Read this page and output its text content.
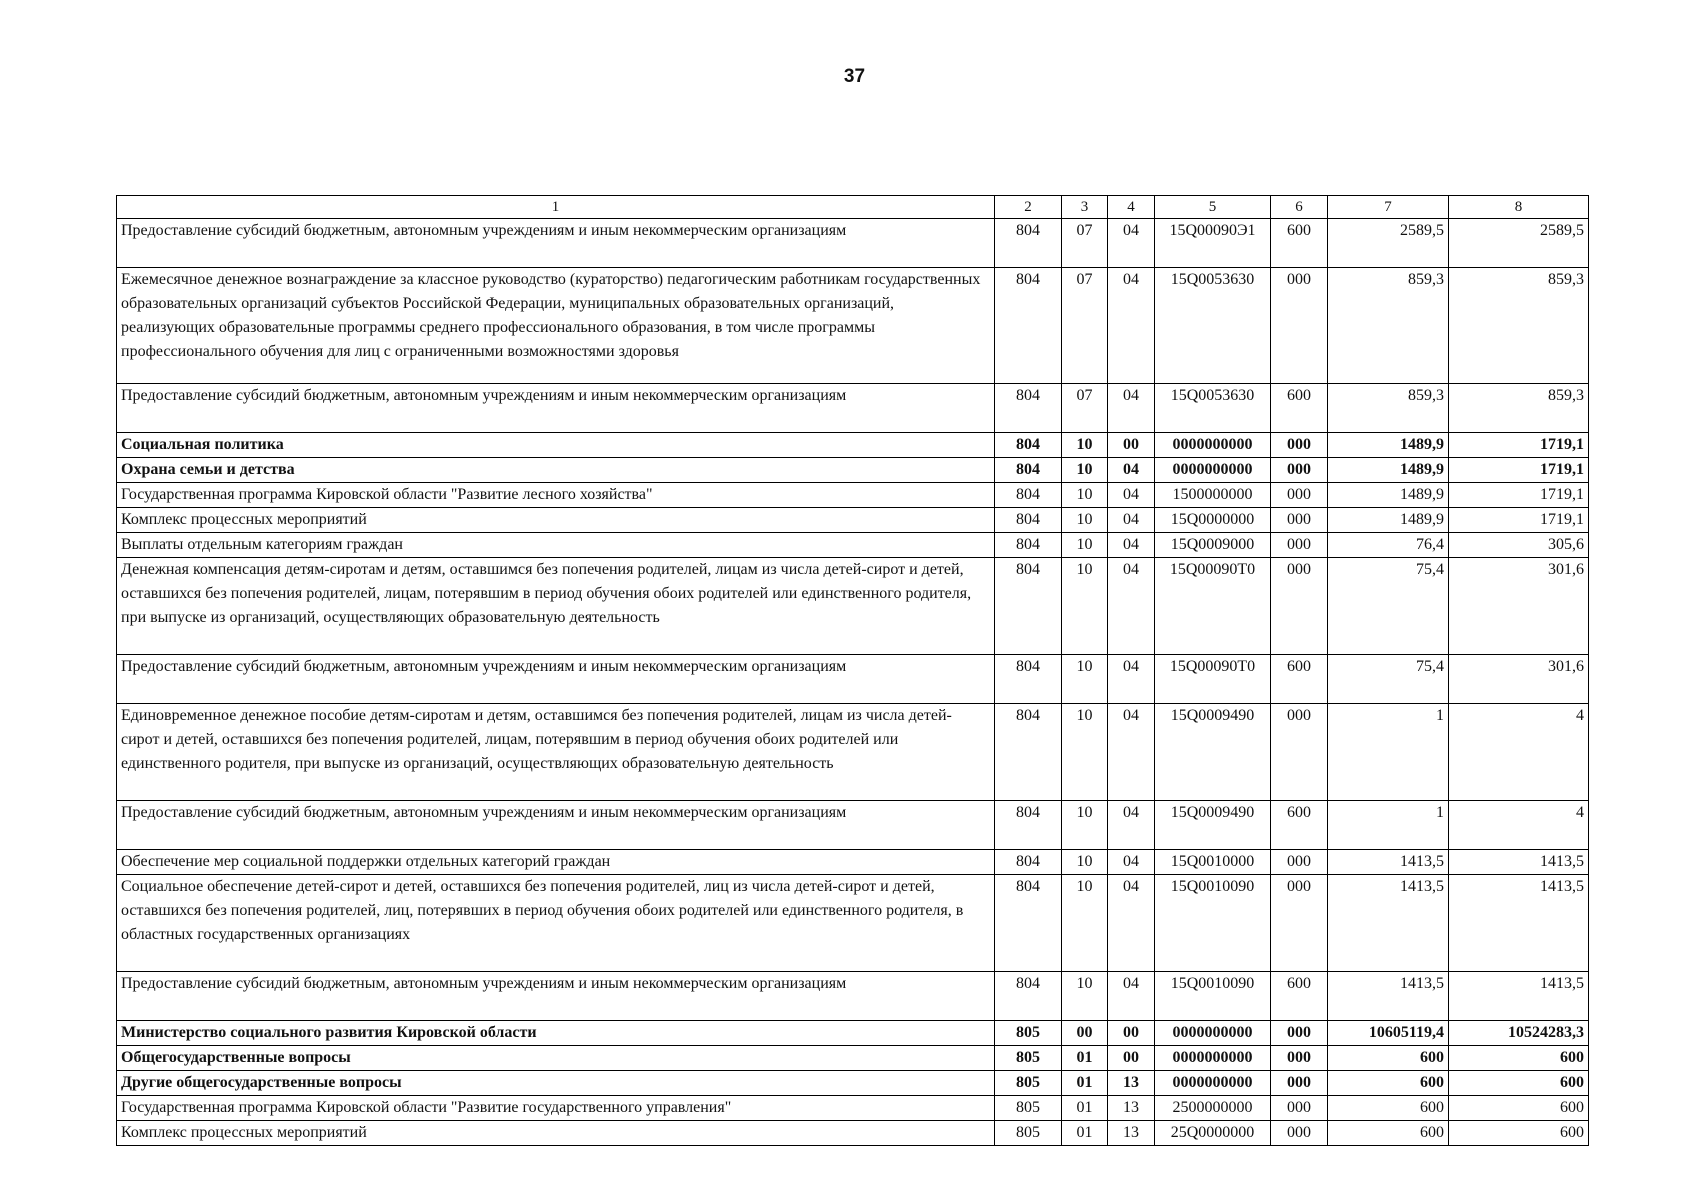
37
1	2	3	4	5	6	7	8
Предоставление субсидий бюджетным, автономным учреждениям и иным некоммерческим организациям	804	07	04	15Q00090Э1	600	2589,5	2589,5
Ежемесячное денежное вознаграждение за классное руководство (кураторство) педагогическим работникам государственных образовательных организаций субъектов Российской Федерации, муниципальных образовательных организаций, реализующих образовательные программы среднего профессионального образования, в том числе программы профессионального обучения для лиц с ограниченными возможностями здоровья	804	07	04	15Q0053630	000	859,3	859,3
Предоставление субсидий бюджетным, автономным учреждениям и иным некоммерческим организациям	804	07	04	15Q0053630	600	859,3	859,3
Социальная политика	804	10	00	0000000000	000	1489,9	1719,1
Охрана семьи и детства	804	10	04	0000000000	000	1489,9	1719,1
Государственная программа Кировской области "Развитие лесного хозяйства"	804	10	04	1500000000	000	1489,9	1719,1
Комплекс процессных мероприятий	804	10	04	15Q0000000	000	1489,9	1719,1
Выплаты отдельным категориям граждан	804	10	04	15Q0009000	000	76,4	305,6
Денежная компенсация детям-сиротам и детям, оставшимся без попечения родителей, лицам из числа детей-сирот и детей, оставшихся без попечения родителей, лицам, потерявшим в период обучения обоих родителей или единственного родителя, при выпуске из организаций, осуществляющих образовательную деятельность	804	10	04	15Q00090Т0	000	75,4	301,6
Предоставление субсидий бюджетным, автономным учреждениям и иным некоммерческим организациям	804	10	04	15Q00090Т0	600	75,4	301,6
Единовременное денежное пособие детям-сиротам и детям, оставшимся без попечения родителей, лицам из числа детей-сирот и детей, оставшихся без попечения родителей, лицам, потерявшим в период обучения обоих родителей или единственного родителя, при выпуске из организаций, осуществляющих образовательную деятельность	804	10	04	15Q0009490	000	1	4
Предоставление субсидий бюджетным, автономным учреждениям и иным некоммерческим организациям	804	10	04	15Q0009490	600	1	4
Обеспечение мер социальной поддержки отдельных категорий граждан	804	10	04	15Q0010000	000	1413,5	1413,5
Социальное обеспечение детей-сирот и детей, оставшихся без попечения родителей, лиц из числа детей-сирот и детей, оставшихся без попечения родителей, лиц, потерявших в период обучения обоих родителей или единственного родителя, в областных государственных организациях	804	10	04	15Q0010090	000	1413,5	1413,5
Предоставление субсидий бюджетным, автономным учреждениям и иным некоммерческим организациям	804	10	04	15Q0010090	600	1413,5	1413,5
Министерство социального развития Кировской области	805	00	00	0000000000	000	10605119,4	10524283,3
Общегосударственные вопросы	805	01	00	0000000000	000	600	600
Другие общегосударственные вопросы	805	01	13	0000000000	000	600	600
Государственная программа Кировской области "Развитие государственного управления"	805	01	13	2500000000	000	600	600
Комплекс процессных мероприятий	805	01	13	25Q0000000	000	600	600
